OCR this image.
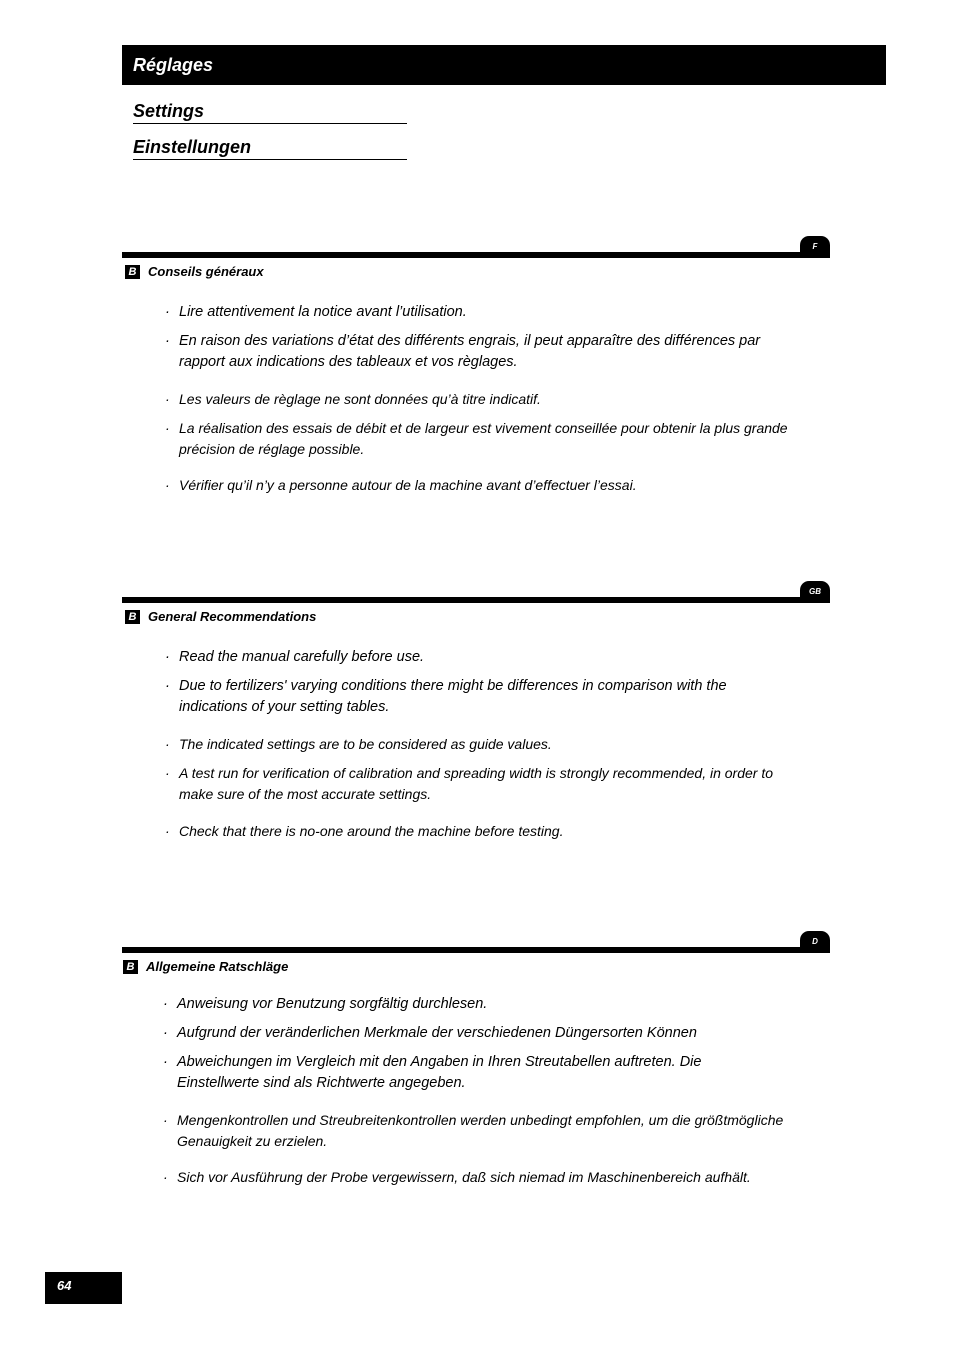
Réglages
Settings
Einstellungen
F
B Conseils généraux
· Lire attentivement la notice avant l’utilisation.
· En raison des variations d’état des différents engrais, il peut apparaître des différences par rapport aux indications des tableaux et vos règlages.
· Les valeurs de règlage ne sont données qu’à titre indicatif.
· La réalisation des essais de débit et de largeur est vivement conseillée pour obtenir la plus grande précision de réglage possible.
· Vérifier qu’il n’y a personne autour de la machine avant d’effectuer l’essai.
GB
B General Recommendations
· Read the manual carefully before use.
· Due to fertilizers' varying conditions there might be differences in comparison with the indications of your setting tables.
· The indicated settings are to be considered as guide values.
· A test run for verification of calibration and spreading width is strongly recommended, in order to make sure of the most accurate settings.
· Check that there is no-one around the machine before testing.
D
B Allgemeine Ratschläge
· Anweisung vor Benutzung sorgfältig durchlesen.
· Aufgrund der veränderlichen Merkmale der verschiedenen Düngersorten Können
· Abweichungen im Vergleich mit den Angaben in Ihren Streutabellen auftreten. Die Einstellwerte sind als Richtwerte angegeben.
· Mengenkontrollen und Streubreitenkontrollen werden unbedingt empfohlen, um die größtmögliche Genauigkeit zu erzielen.
· Sich vor Ausführung der Probe vergewissern, daß sich niemad im Maschinenbereich aufhält.
64
